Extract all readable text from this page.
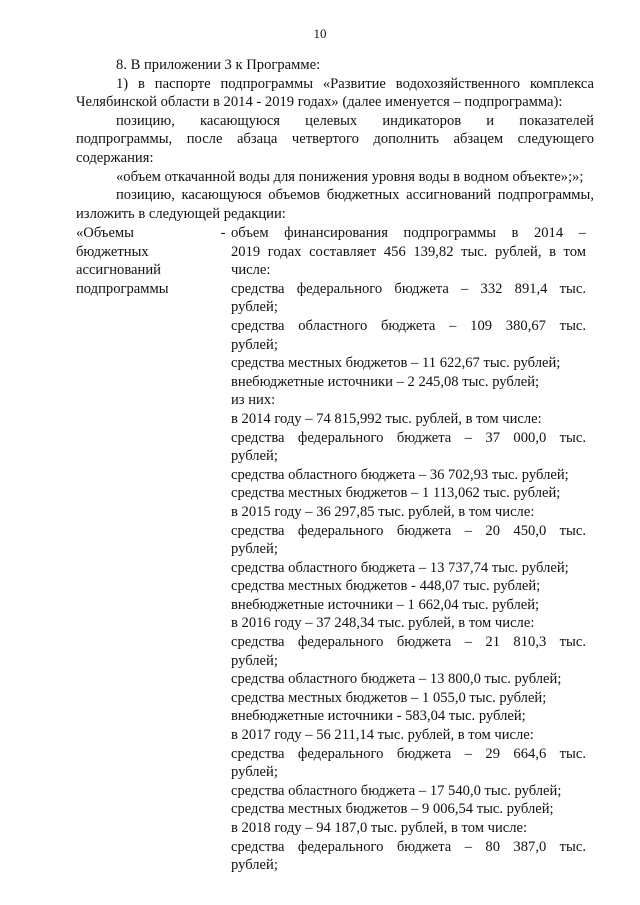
10

8. В приложении 3 к Программе:

1) в паспорте подпрограммы «Развитие водохозяйственного комплекса

Челябинской области в 2014 - 2019 годах» (далее именуется – подпрограмма):

позицию, касающуюся целевых индикаторов и показателей

подпрограммы, после абзаца четвертого дополнить абзацем следующего

содержания:

«объем откачанной воды для понижения уровня воды в водном объекте»;»;

позицию, касающуюся объемов бюджетных ассигнований подпрограммы,

изложить в следующей редакции:

«Объемы

бюджетных

ассигнований

подпрограммы

- объем финансирования подпрограммы в 2014 –

2019 годах составляет 456 139,82 тыс. рублей, в том

числе:

средства федерального бюджета – 332 891,4 тыс.

рублей;

средства областного бюджета – 109 380,67 тыс.

рублей;

средства местных бюджетов – 11 622,67 тыс. рублей;

внебюджетные источники – 2 245,08 тыс. рублей;

из них:

в 2014 году – 74 815,992 тыс. рублей, в том числе:

средства федерального бюджета – 37 000,0 тыс.

рублей;

средства областного бюджета – 36 702,93 тыс. рублей;

средства местных бюджетов – 1 113,062 тыс. рублей;

в 2015 году – 36 297,85 тыс. рублей, в том числе:

средства федерального бюджета – 20 450,0 тыс.

рублей;

средства областного бюджета – 13 737,74 тыс. рублей;

средства местных бюджетов - 448,07 тыс. рублей;

внебюджетные источники – 1 662,04 тыс. рублей;

в 2016 году – 37 248,34 тыс. рублей, в том числе:

средства федерального бюджета – 21 810,3 тыс.

рублей;

средства областного бюджета – 13 800,0 тыс. рублей;

средства местных бюджетов – 1 055,0 тыс. рублей;

внебюджетные источники - 583,04 тыс. рублей;

в 2017 году – 56 211,14 тыс. рублей, в том числе:

средства федерального бюджета – 29 664,6 тыс.

рублей;

средства областного бюджета – 17 540,0 тыс. рублей;

средства местных бюджетов – 9 006,54 тыс. рублей;

в 2018 году – 94 187,0 тыс. рублей, в том числе:

средства федерального бюджета – 80 387,0 тыс.

рублей;
